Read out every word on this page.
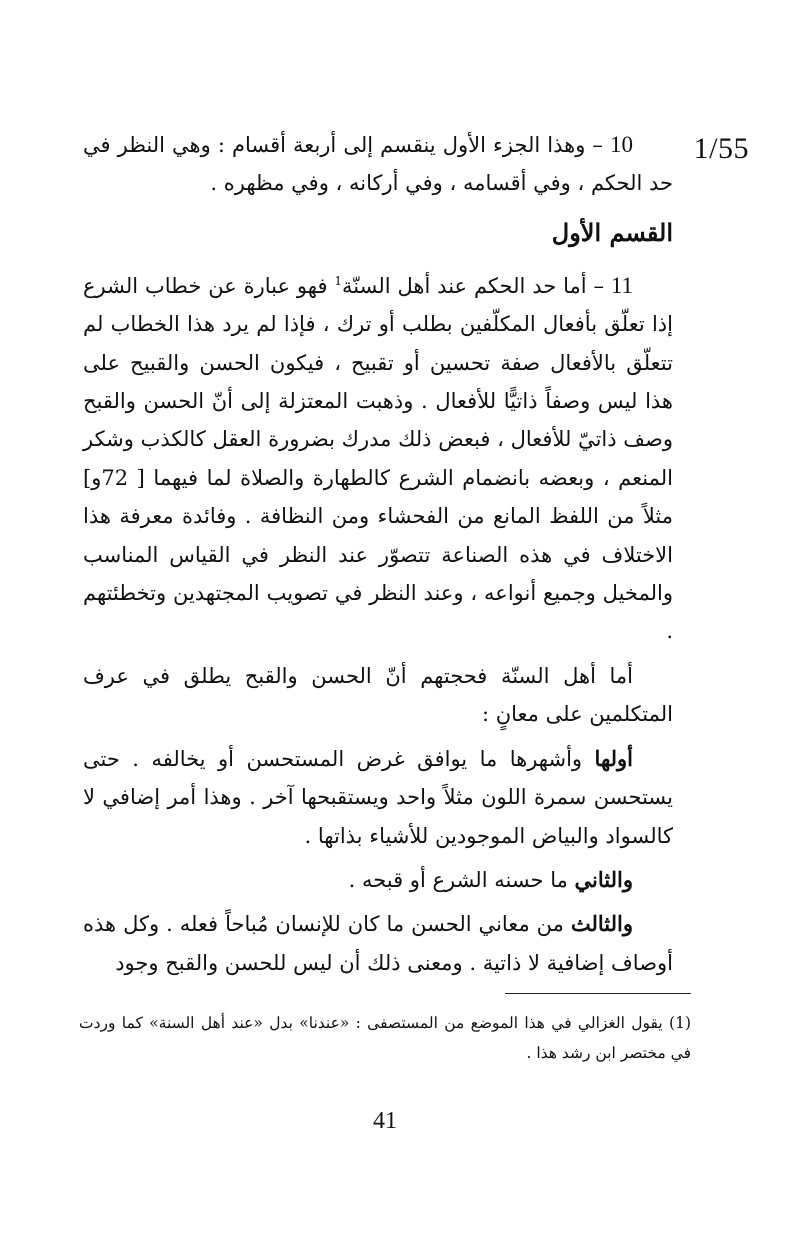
1/55

10 – وهذا الجزء الأول ينقسم إلى أربعة أقسام : وهي النظر في حد الحكم ، وفي أقسامه ، وفي أركانه ، وفي مظهره .

القسم الأول

11 – أما حد الحكم عند أهل السنّة$^1$ فهو عبارة عن خطاب الشرع إذا تعلّق بأفعال المكلّفين بطلب أو ترك ، فإذا لم يرد هذا الخطاب لم تتعلّق بالأفعال صفة تحسين أو تقبيح ، فيكون الحسن والقبيح على هذا ليس وصفاً ذاتيًّا للأفعال . وذهبت المعتزلة إلى أنّ الحسن والقبح وصف ذاتيّ للأفعال ، فبعض ذلك مدرك بضرورة العقل كالكذب وشكر المنعم ، وبعضه بانضمام الشرع كالطهارة والصلاة لما فيهما [ 72و] مثلاً من اللفظ المانع من الفحشاء ومن النظافة . وفائدة معرفة هذا الاختلاف في هذه الصناعة تتصوّر عند النظر في القياس المناسب والمخيل وجميع أنواعه ، وعند النظر في تصويب المجتهدين وتخطئتهم .

أما أهل السنّة فحجتهم أنّ الحسن والقبح يطلق في عرف المتكلمين على معانٍ :

أولها وأشهرها ما يوافق غرض المستحسن أو يخالفه . حتى يستحسن سمرة اللون مثلاً واحد ويستقبحها آخر . وهذا أمر إضافي لا كالسواد والبياض الموجودين للأشياء بذاتها .

والثاني ما حسنه الشرع أو قبحه .

والثالث من معاني الحسن ما كان للإنسان مُباحاً فعله . وكل هذه أوصاف إضافية لا ذاتية . ومعنى ذلك أن ليس للحسن والقبح وجود

(1) يقول الغزالي في هذا الموضع من المستصفى : «عندنا» بدل «عند أهل السنة» كما وردت في مختصر ابن رشد هذا .

41
